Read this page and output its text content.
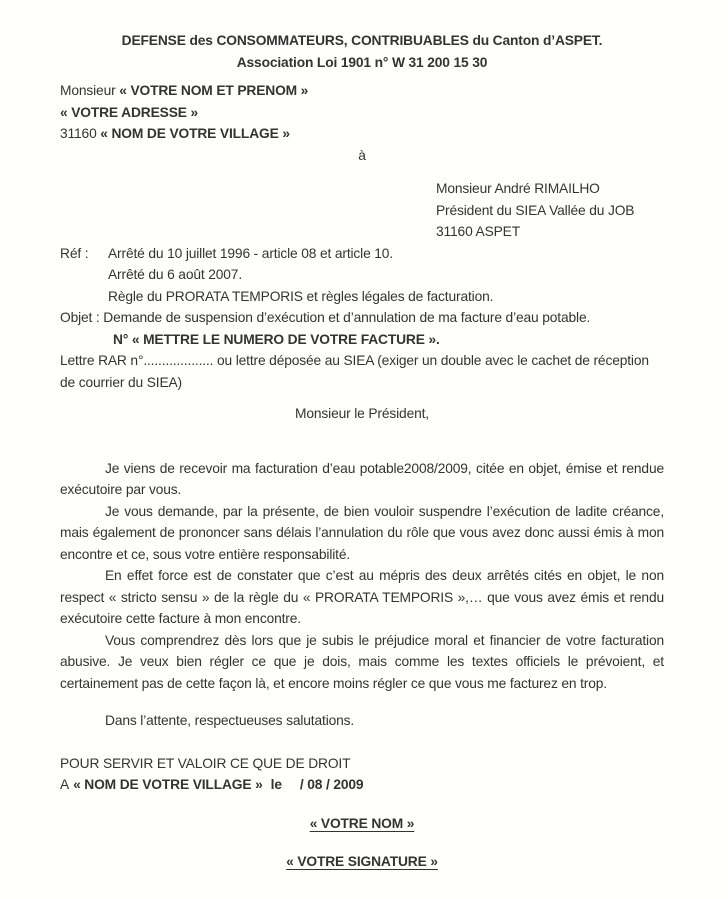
DEFENSE des CONSOMMATEURS, CONTRIBUABLES du Canton d’ASPET.
Association Loi 1901 n° W 31 200 15 30
Monsieur « VOTRE NOM ET PRENOM »
« VOTRE ADRESSE »
31160 « NOM DE VOTRE VILLAGE »
à
Monsieur André RIMAILHO
Président du SIEA Vallée du JOB
31160 ASPET
Réf :	Arrêté du 10 juillet 1996 - article 08 et article 10.
Arrêté du 6 août 2007.
Règle du PRORATA TEMPORIS et règles légales de facturation.
Objet : Demande de suspension d’exécution et d’annulation de ma facture d’eau potable.
N° « METTRE LE NUMERO DE VOTRE FACTURE ».
Lettre RAR n°................... ou lettre déposée au SIEA (exiger un double avec le cachet de réception de courrier du SIEA)
Monsieur le Président,

Je viens de recevoir ma facturation d’eau potable2008/2009, citée en objet, émise et rendue exécutoire par vous.

Je vous demande, par la présente, de bien vouloir suspendre l’exécution de ladite créance, mais également de prononcer sans délais l’annulation du rôle que vous avez donc aussi émis à mon encontre et ce, sous votre entière responsabilité.

En effet force est de constater que c’est au mépris des deux arrêtés cités en objet, le non respect « stricto sensu » de la règle du « PRORATA TEMPORIS »,… que vous avez émis et rendu exécutoire cette facture à mon encontre.

Vous comprendrez dès lors que je subis le préjudice moral et financier de votre facturation abusive. Je veux bien régler ce que je dois, mais comme les textes officiels le prévoient, et certainement pas de cette façon là, et encore moins régler ce que vous me facturez en trop.

Dans l’attente, respectueuses salutations.
POUR SERVIR ET VALOIR CE QUE DE DROIT
A « NOM DE VOTRE VILLAGE » le / 08 / 2009
« VOTRE NOM »
« VOTRE SIGNATURE »
